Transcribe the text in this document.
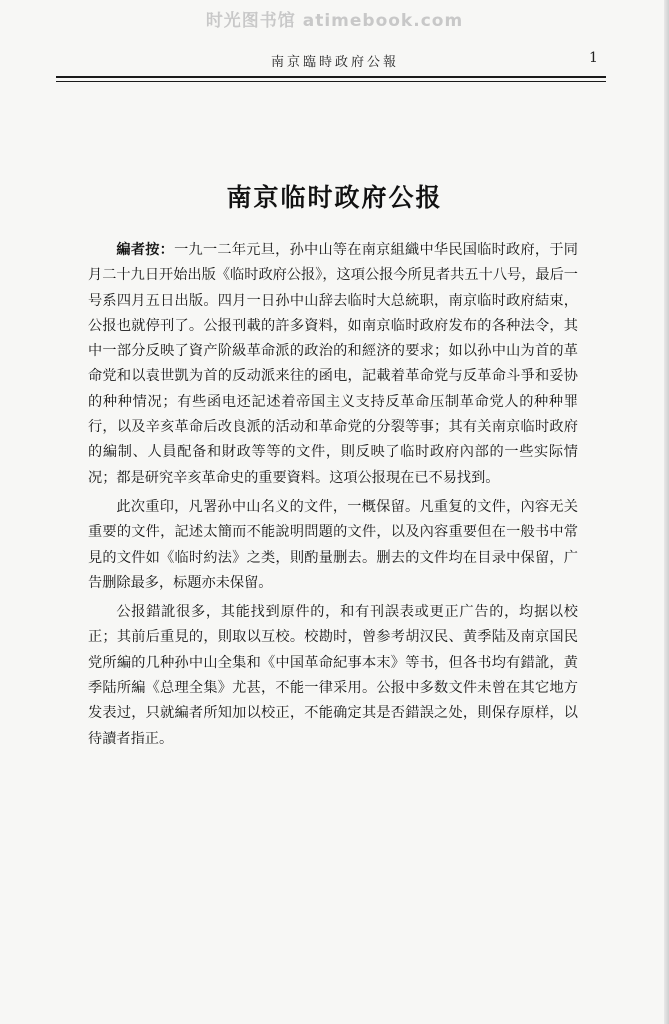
时光图书馆 atimebook.com
南京臨時政府公報	1
南京临时政府公报

編者按：一九一二年元旦，孙中山等在南京組織中华民国临时政府，于同月二十九日开始出版《临时政府公报》，这項公报今所見者共五十八号，最后一号系四月五日出版。四月一日孙中山辞去临时大总統职，南京临时政府結束，公报也就停刊了。公报刊載的許多資料，如南京临时政府发布的各种法令，其中一部分反映了資产阶級革命派的政治的和經济的要求；如以孙中山为首的革命党和以袁世凱为首的反动派来往的函电，記載着革命党与反革命斗爭和妥协的种种情况；有些函电还記述着帝国主义支持反革命压制革命党人的种种罪行，以及辛亥革命后改良派的活动和革命党的分裂等事；其有关南京临时政府的編制、人員配备和財政等等的文件，則反映了临时政府內部的一些实际情况；都是研究辛亥革命史的重要資料。这項公报現在已不易找到。

此次重印，凡署孙中山名义的文件，一概保留。凡重复的文件，內容无关重要的文件，記述太簡而不能說明問題的文件，以及內容重要但在一般书中常見的文件如《临时約法》之类，則酌量删去。删去的文件均在目录中保留，广告删除最多，标題亦未保留。

公报錯訛很多，其能找到原件的，和有刊誤表或更正广告的，均据以校正；其前后重見的，則取以互校。校勘时，曾参考胡汉民、黄季陆及南京国民党所編的几种孙中山全集和《中国革命紀事本末》等书，但各书均有錯訛，黄季陆所編《总理全集》尤甚，不能一律采用。公报中多数文件未曾在其它地方发表过，只就編者所知加以校正，不能确定其是否錯誤之处，則保存原样，以待讀者指正。
